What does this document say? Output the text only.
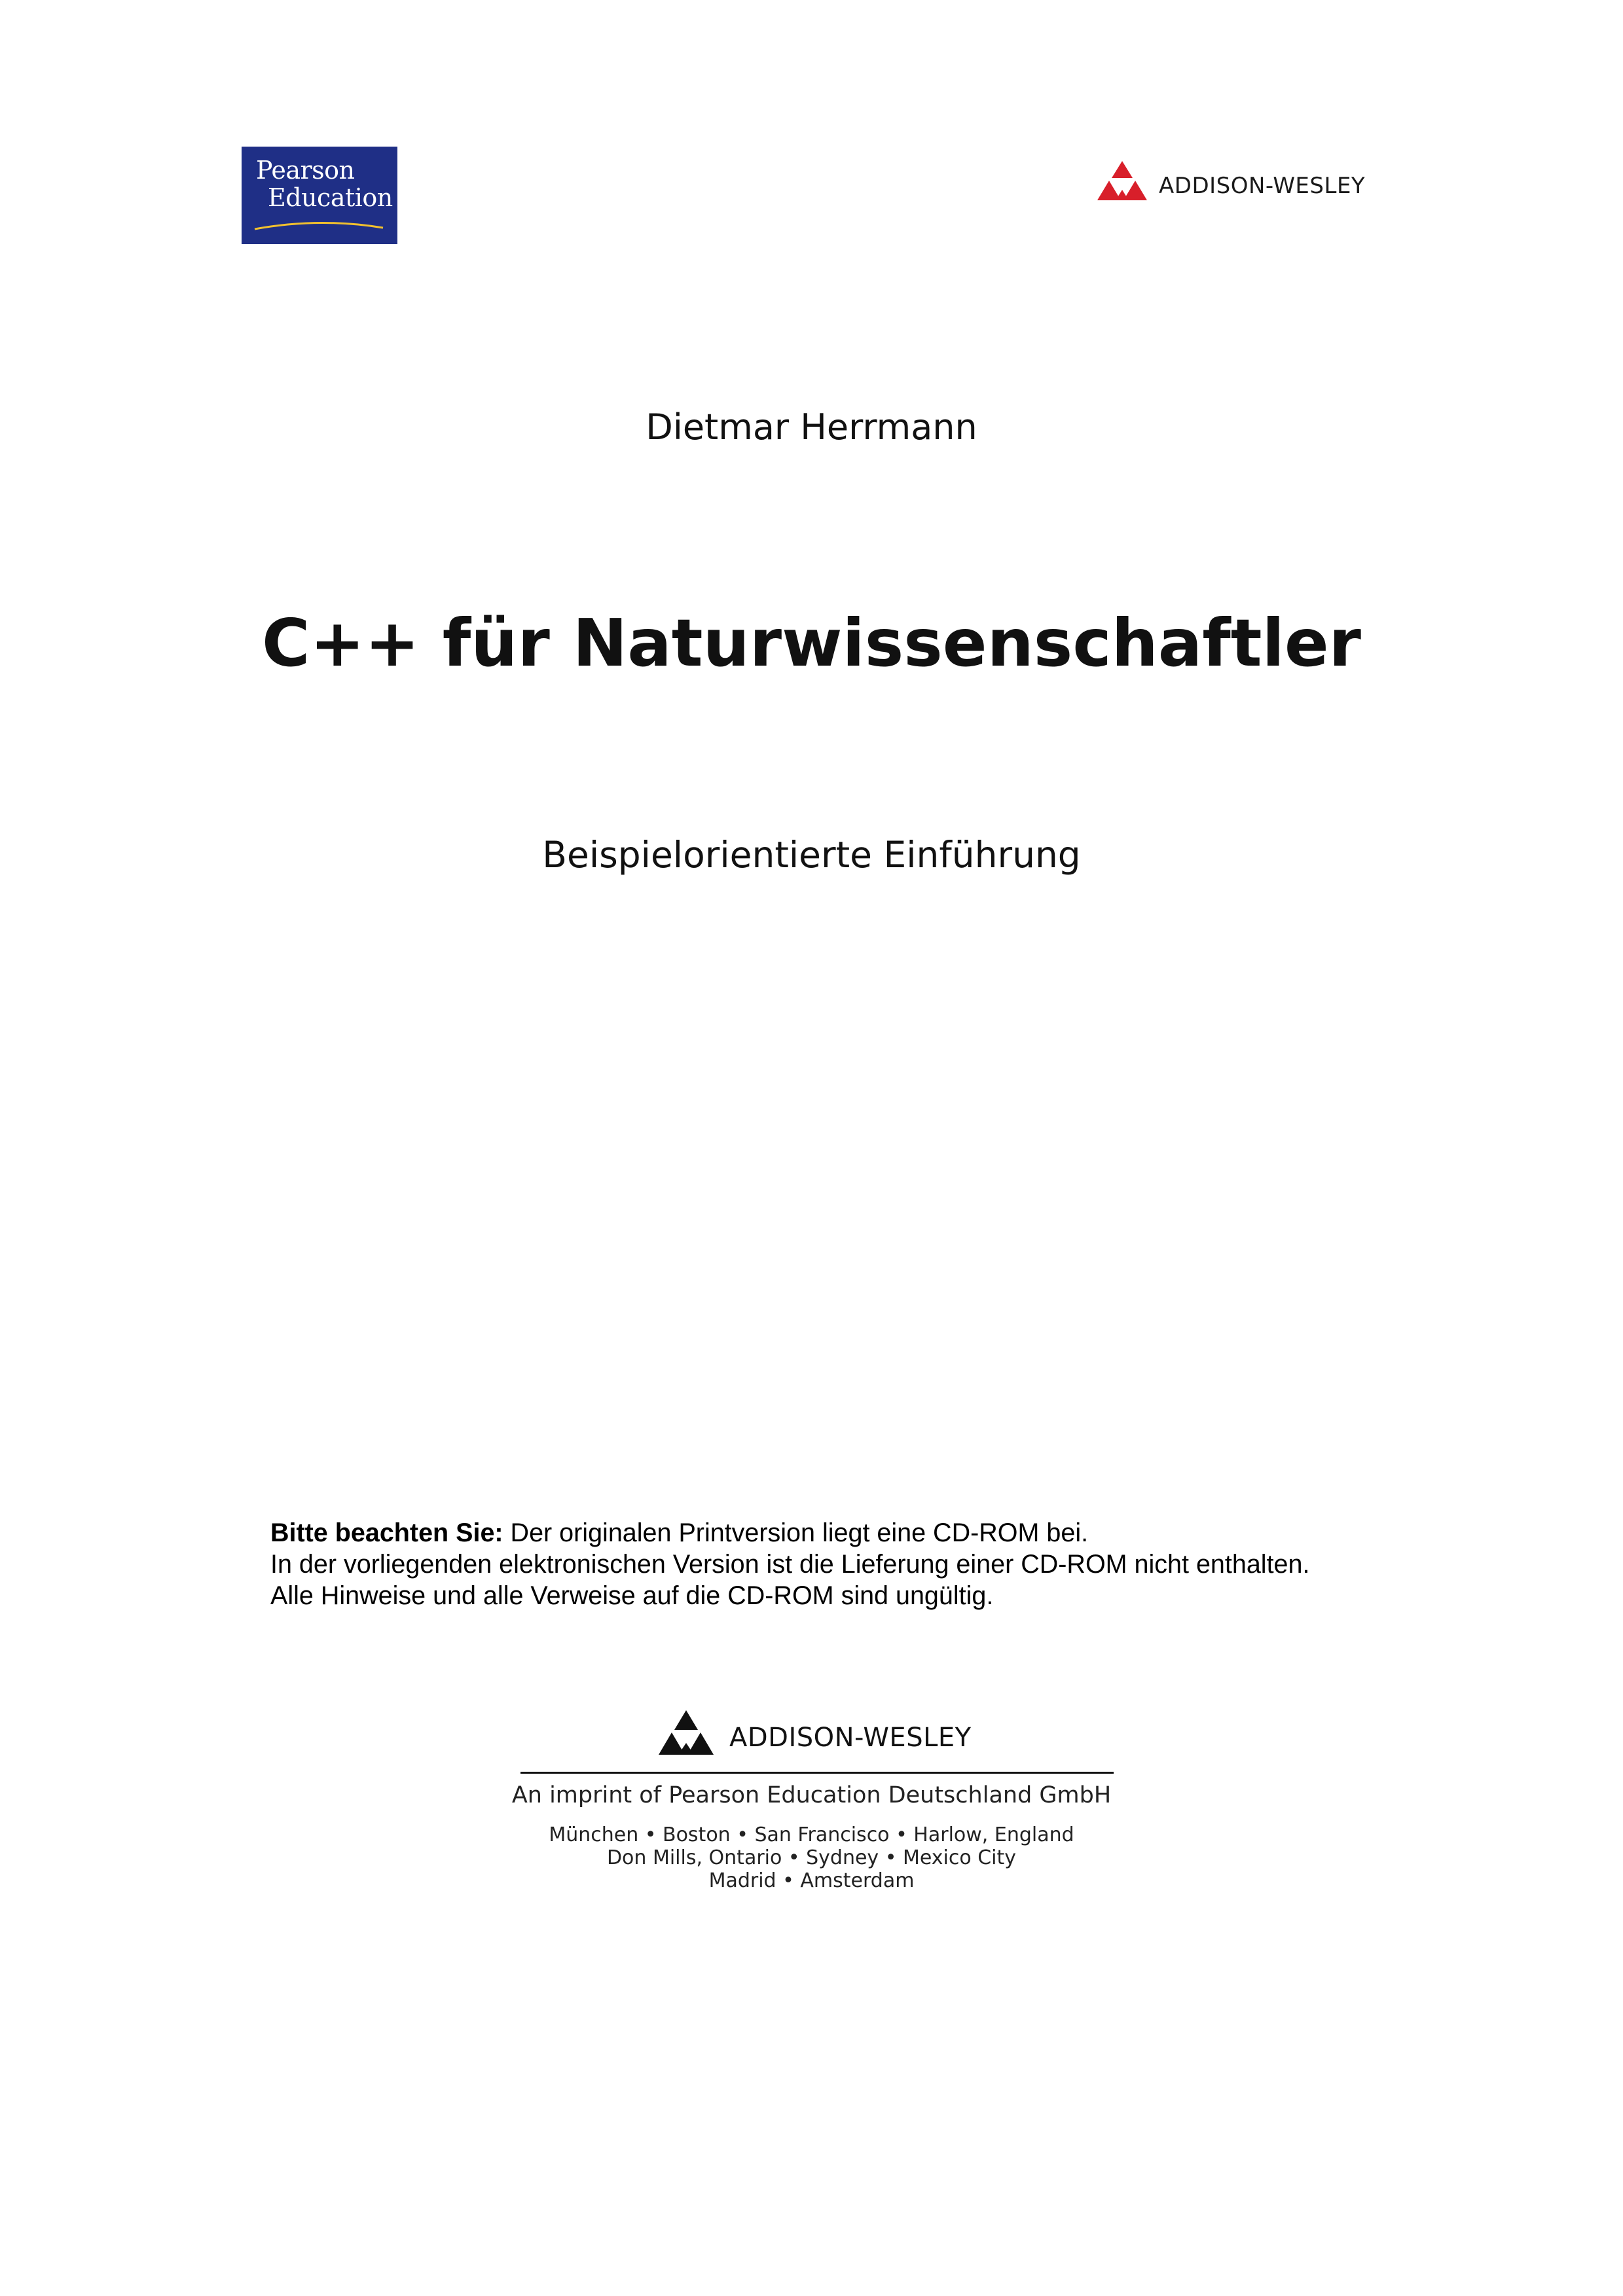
Pearson
Education	ADDISON-WESLEY
Dietmar Herrmann
C++ für Naturwissenschaftler
Beispielorientierte Einführung
Bitte beachten Sie: Der originalen Printversion liegt eine CD-ROM bei.
In der vorliegenden elektronischen Version ist die Lieferung einer CD-ROM nicht enthalten.
Alle Hinweise und alle Verweise auf die CD-ROM sind ungültig.
ADDISON-WESLEY
An imprint of Pearson Education Deutschland GmbH
München • Boston • San Francisco • Harlow, England
Don Mills, Ontario • Sydney • Mexico City
Madrid • Amsterdam
